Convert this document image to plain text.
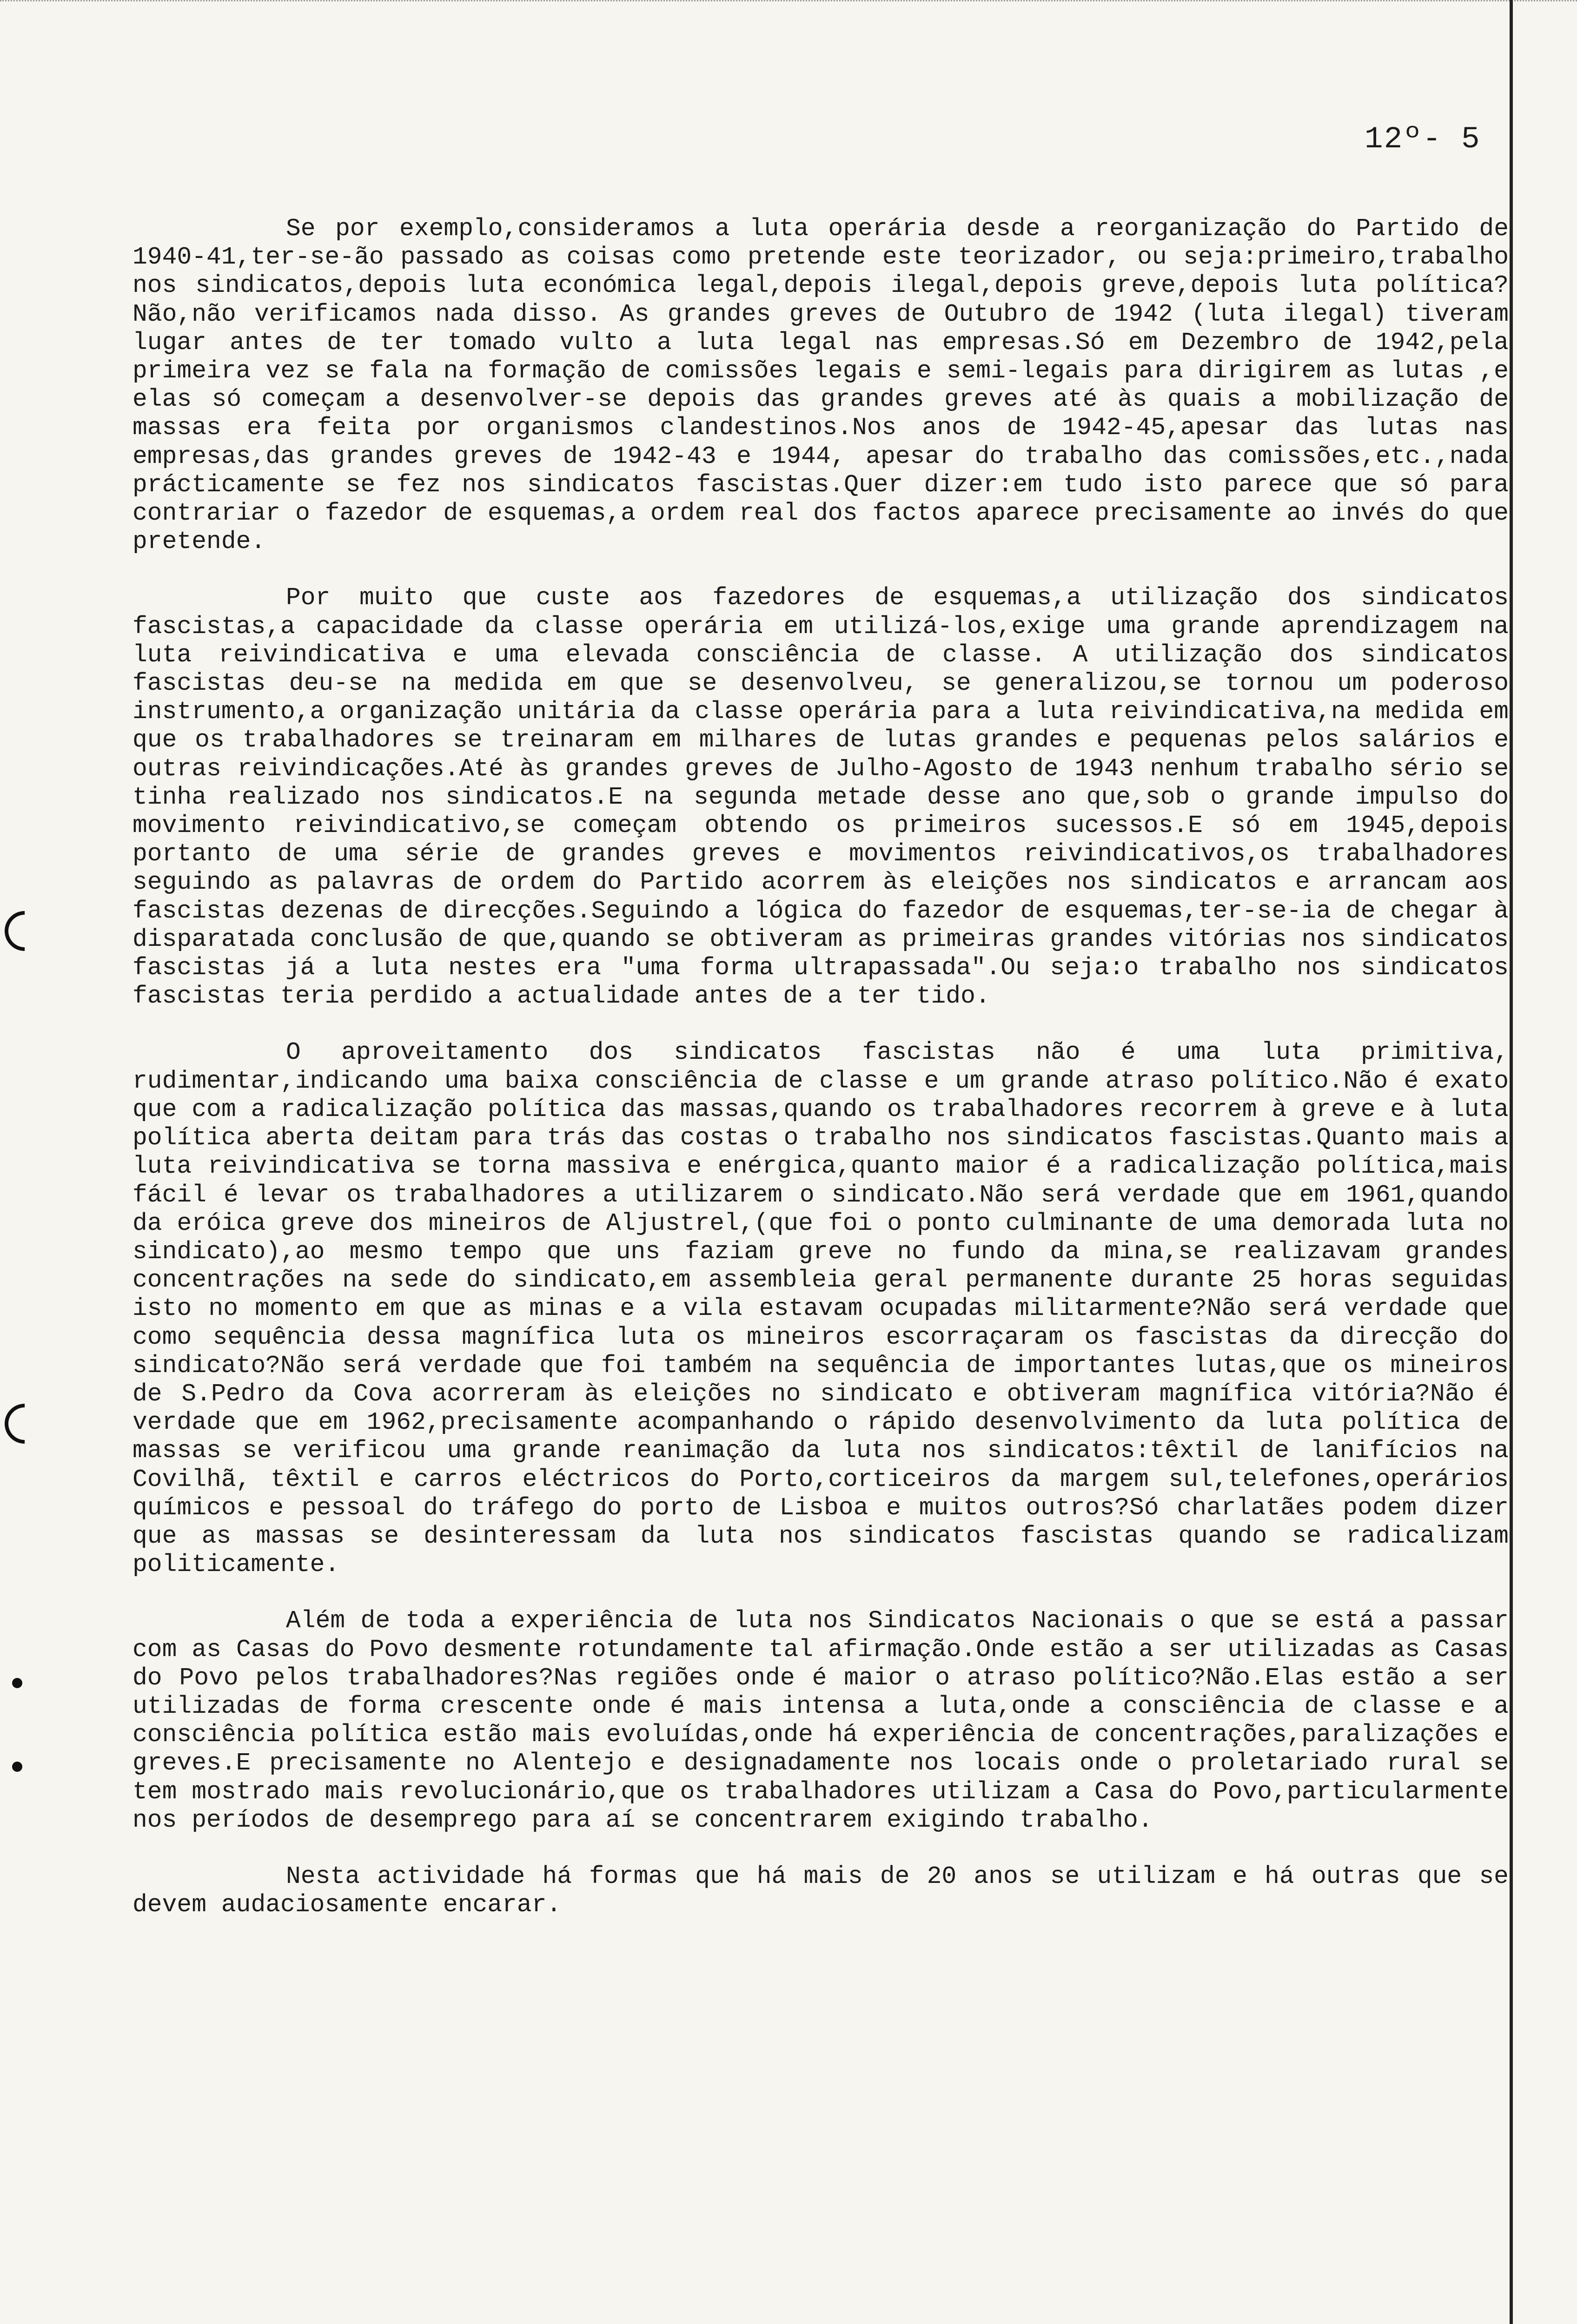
12º- 5

Se por exemplo,consideramos a luta operária desde a reorganização do Partido de 1940-41,ter-se-ão passado as coisas como pretende este teorizador, ou seja:primeiro,trabalho nos sindicatos,depois luta económica legal,depois ilegal,depois greve,depois luta política?Não,não verificamos nada disso. As grandes greves de Outubro de 1942 (luta ilegal) tiveram lugar antes de ter tomado vulto a luta legal nas empresas.Só em Dezembro de 1942,pela primeira vez se fala na formação de comissões legais e semi-legais para dirigirem as lutas ,e elas só começam a desenvolver-se depois das grandes greves até às quais a mobilização de massas era feita por organismos clandestinos.Nos anos de 1942-45,apesar das lutas nas empresas,das grandes greves de 1942-43 e 1944, apesar do trabalho das comissões,etc.,nada prácticamente se fez nos sindicatos fascistas.Quer dizer:em tudo isto parece que só para contrariar o fazedor de esquemas,a ordem real dos factos aparece precisamente ao invés do que pretende.

Por muito que custe aos fazedores de esquemas,a utilização dos sindicatos fascistas,a capacidade da classe operária em utilizá-los,exige uma grande aprendizagem na luta reivindicativa e uma elevada consciência de classe. A utilização dos sindicatos fascistas deu-se na medida em que se desenvolveu, se generalizou,se tornou um poderoso instrumento,a organização unitária da classe operária para a luta reivindicativa,na medida em que os trabalhadores se treinaram em milhares de lutas grandes e pequenas pelos salários e outras reivindicações.Até às grandes greves de Julho-Agosto de 1943 nenhum trabalho sério se tinha realizado nos sindicatos.E na segunda metade desse ano que,sob o grande impulso do movimento reivindicativo,se começam obtendo os primeiros sucessos.E só em 1945,depois portanto de uma série de grandes greves e movimentos reivindicativos,os trabalhadores seguindo as palavras de ordem do Partido acorrem às eleições nos sindicatos e arrancam aos fascistas dezenas de direcções.Seguindo a lógica do fazedor de esquemas,ter-se-ia de chegar à disparatada conclusão de que,quando se obtiveram as primeiras grandes vitórias nos sindicatos fascistas já a luta nestes era "uma forma ultrapassada".Ou seja:o trabalho nos sindicatos fascistas teria perdido a actualidade antes de a ter tido.

O aproveitamento dos sindicatos fascistas não é uma luta primitiva, rudimentar,indicando uma baixa consciência de classe e um grande atraso político.Não é exato que com a radicalização política das massas,quando os trabalhadores recorrem à greve e à luta política aberta deitam para trás das costas o trabalho nos sindicatos fascistas.Quanto mais a luta reivindicativa se torna massiva e enérgica,quanto maior é a radicalização política,mais fácil é levar os trabalhadores a utilizarem o sindicato.Não será verdade que em 1961,quando da eróica greve dos mineiros de Aljustrel,(que foi o ponto culminante de uma demorada luta no sindicato),ao mesmo tempo que uns faziam greve no fundo da mina,se realizavam grandes concentrações na sede do sindicato,em assembleia geral permanente durante 25 horas seguidas isto no momento em que as minas e a vila estavam ocupadas militarmente?Não será verdade que como sequência dessa magnífica luta os mineiros escorraçaram os fascistas da direcção do sindicato?Não será verdade que foi também na sequência de importantes lutas,que os mineiros de S.Pedro da Cova acorreram às eleições no sindicato e obtiveram magnífica vitória?Não é verdade que em 1962,precisamente acompanhando o rápido desenvolvimento da luta política de massas se verificou uma grande reanimação da luta nos sindicatos:têxtil de lanifícios na Covilhã, têxtil e carros eléctricos do Porto,corticeiros da margem sul,telefones,operários químicos e pessoal do tráfego do porto de Lisboa e muitos outros?Só charlatães podem dizer que as massas se desinteressam da luta nos sindicatos fascistas quando se radicalizam politicamente.

Além de toda a experiência de luta nos Sindicatos Nacionais o que se está a passar com as Casas do Povo desmente rotundamente tal afirmação.Onde estão a ser utilizadas as Casas do Povo pelos trabalhadores?Nas regiões onde é maior o atraso político?Não.Elas estão a ser utilizadas de forma crescente onde é mais intensa a luta,onde a consciência de classe e a consciência política estão mais evoluídas,onde há experiência de concentrações,paralizações e greves.E precisamente no Alentejo e designadamente nos locais onde o proletariado rural se tem mostrado mais revolucionário,que os trabalhadores utilizam a Casa do Povo,particularmente nos períodos de desemprego para aí se concentrarem exigindo trabalho.

Nesta actividade há formas que há mais de 20 anos se utilizam e há outras que se devem audaciosamente encarar.
